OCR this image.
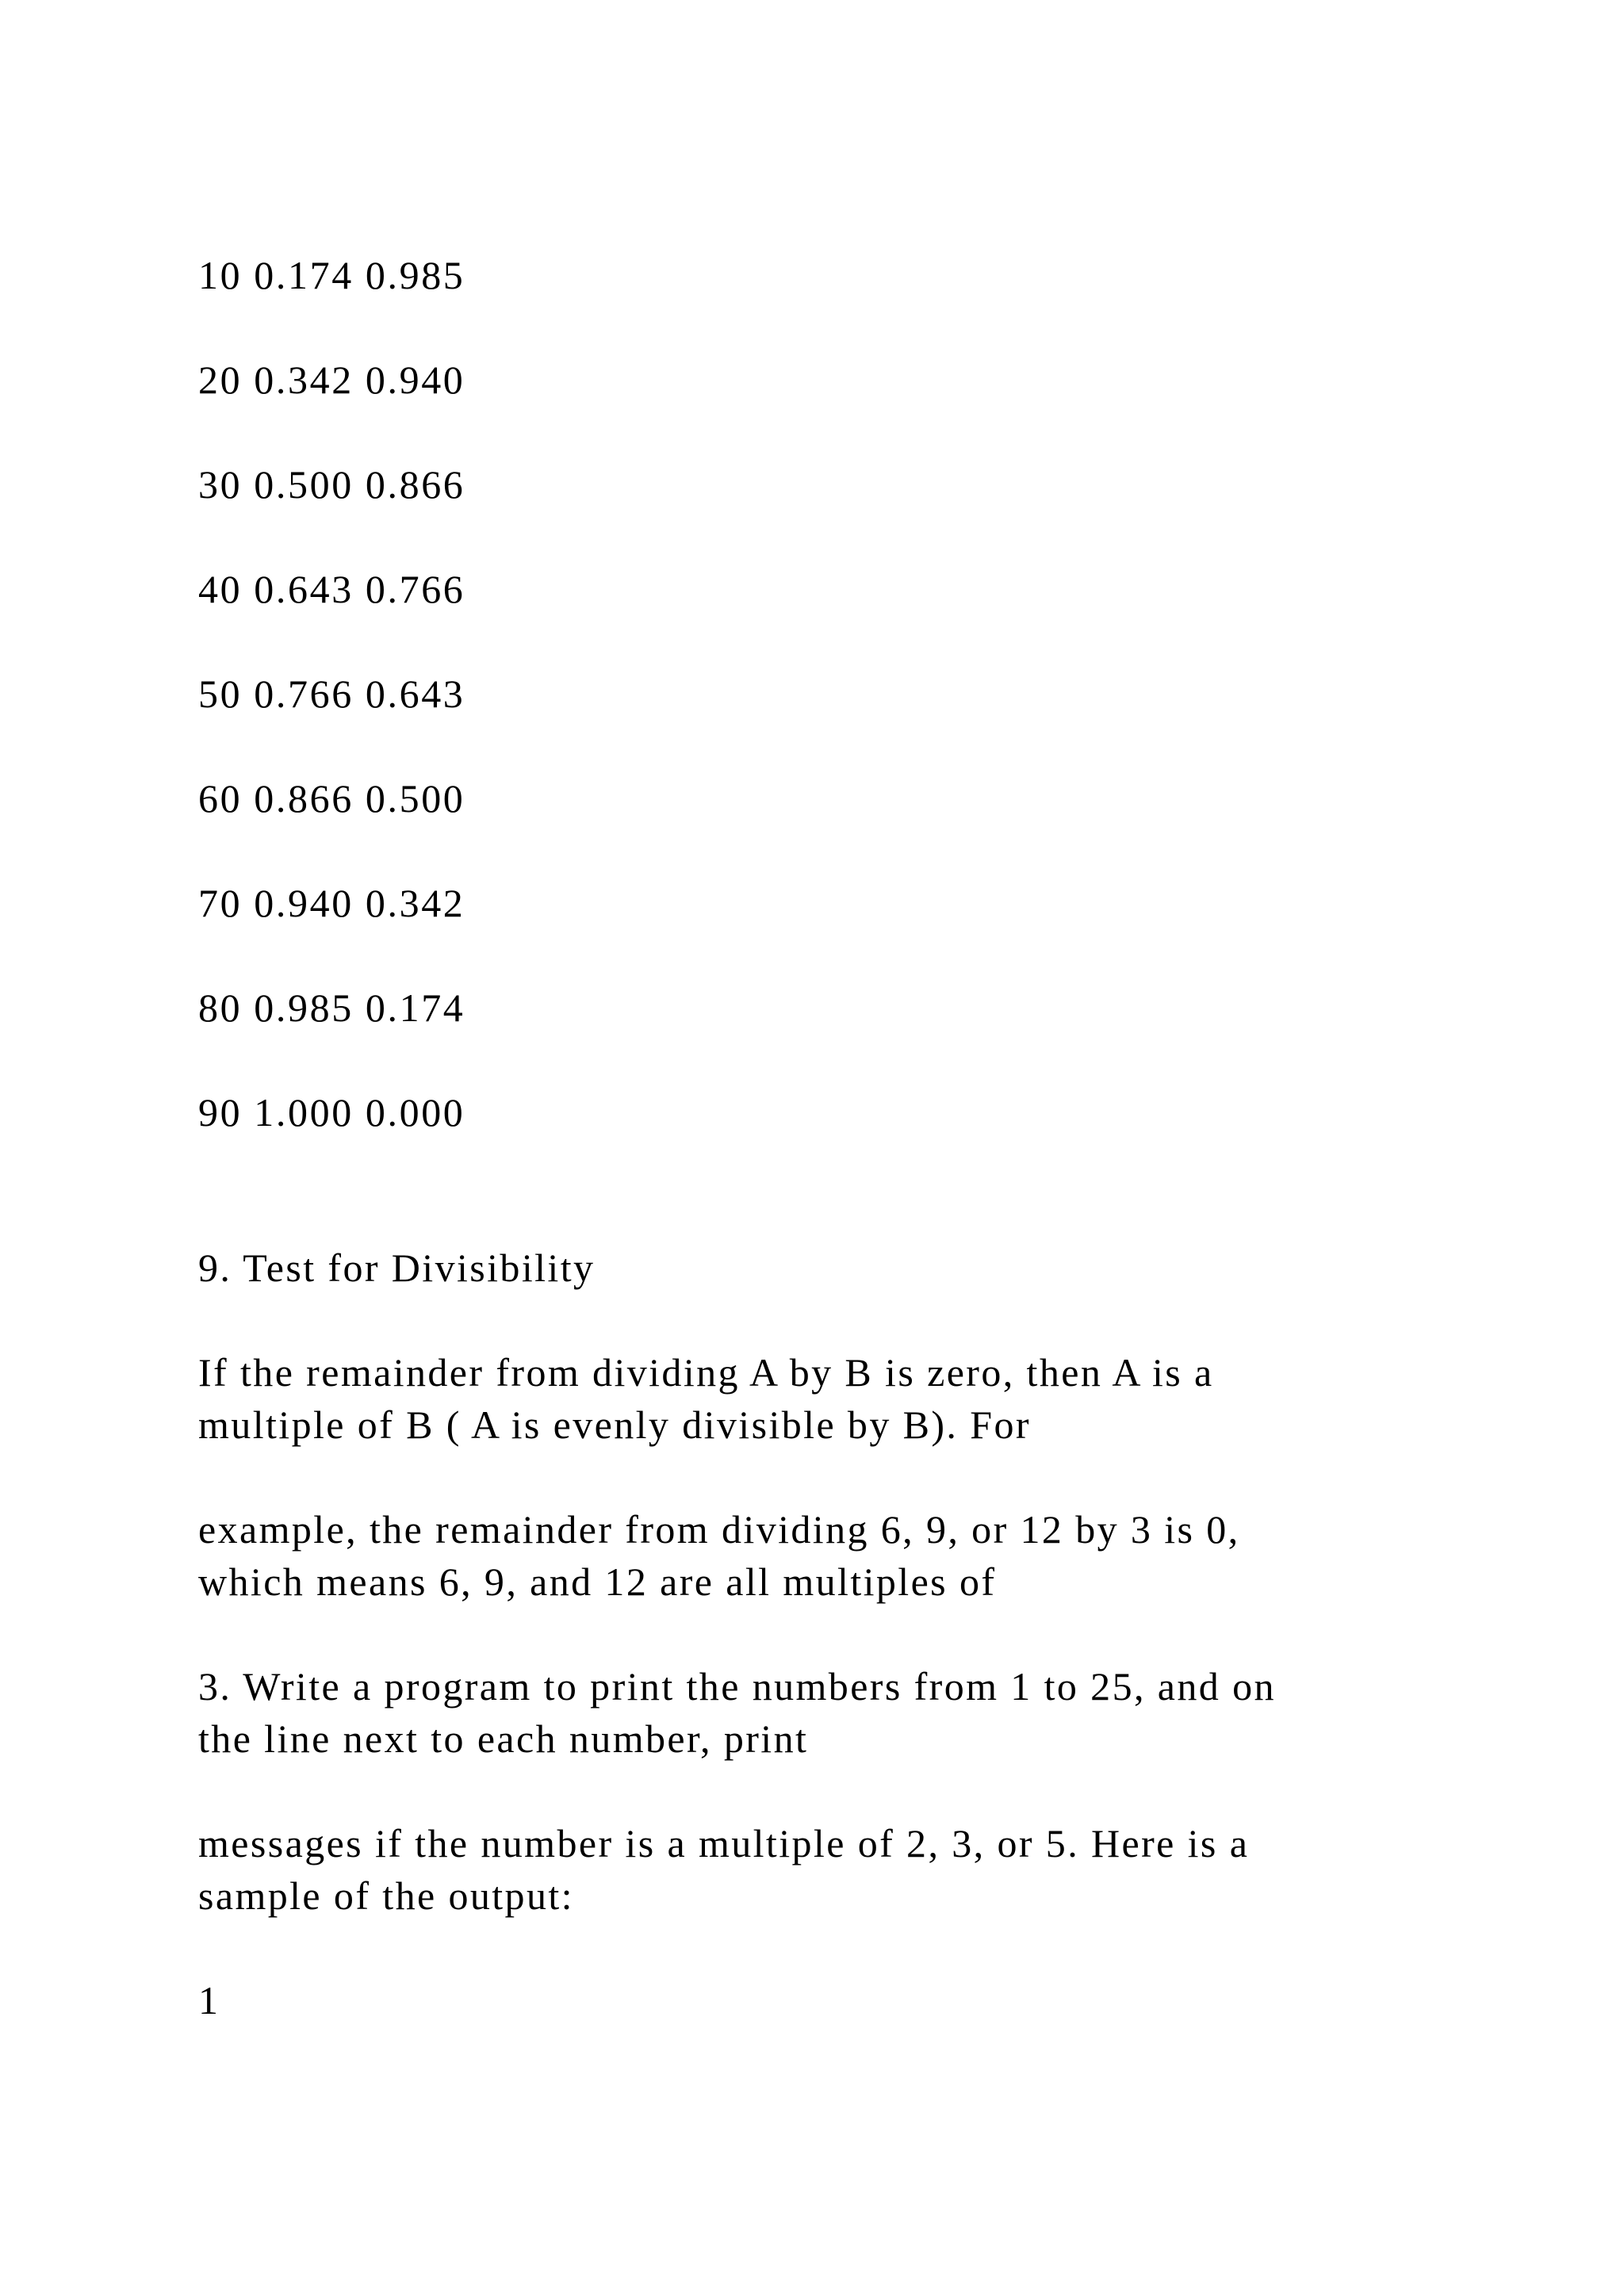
10 0.174 0.985
20 0.342 0.940
30 0.500 0.866
40 0.643 0.766
50 0.766 0.643
60 0.866 0.500
70 0.940 0.342
80 0.985 0.174
90 1.000 0.000
9. Test for Divisibility
If the remainder from dividing A by B is zero, then A is a
multiple of B ( A is evenly divisible by B). For
example, the remainder from dividing 6, 9, or 12 by 3 is 0,
which means 6, 9, and 12 are all multiples of
3. Write a program to print the numbers from 1 to 25, and on
the line next to each number, print
messages if the number is a multiple of 2, 3, or 5. Here is a
sample of the output:
1
